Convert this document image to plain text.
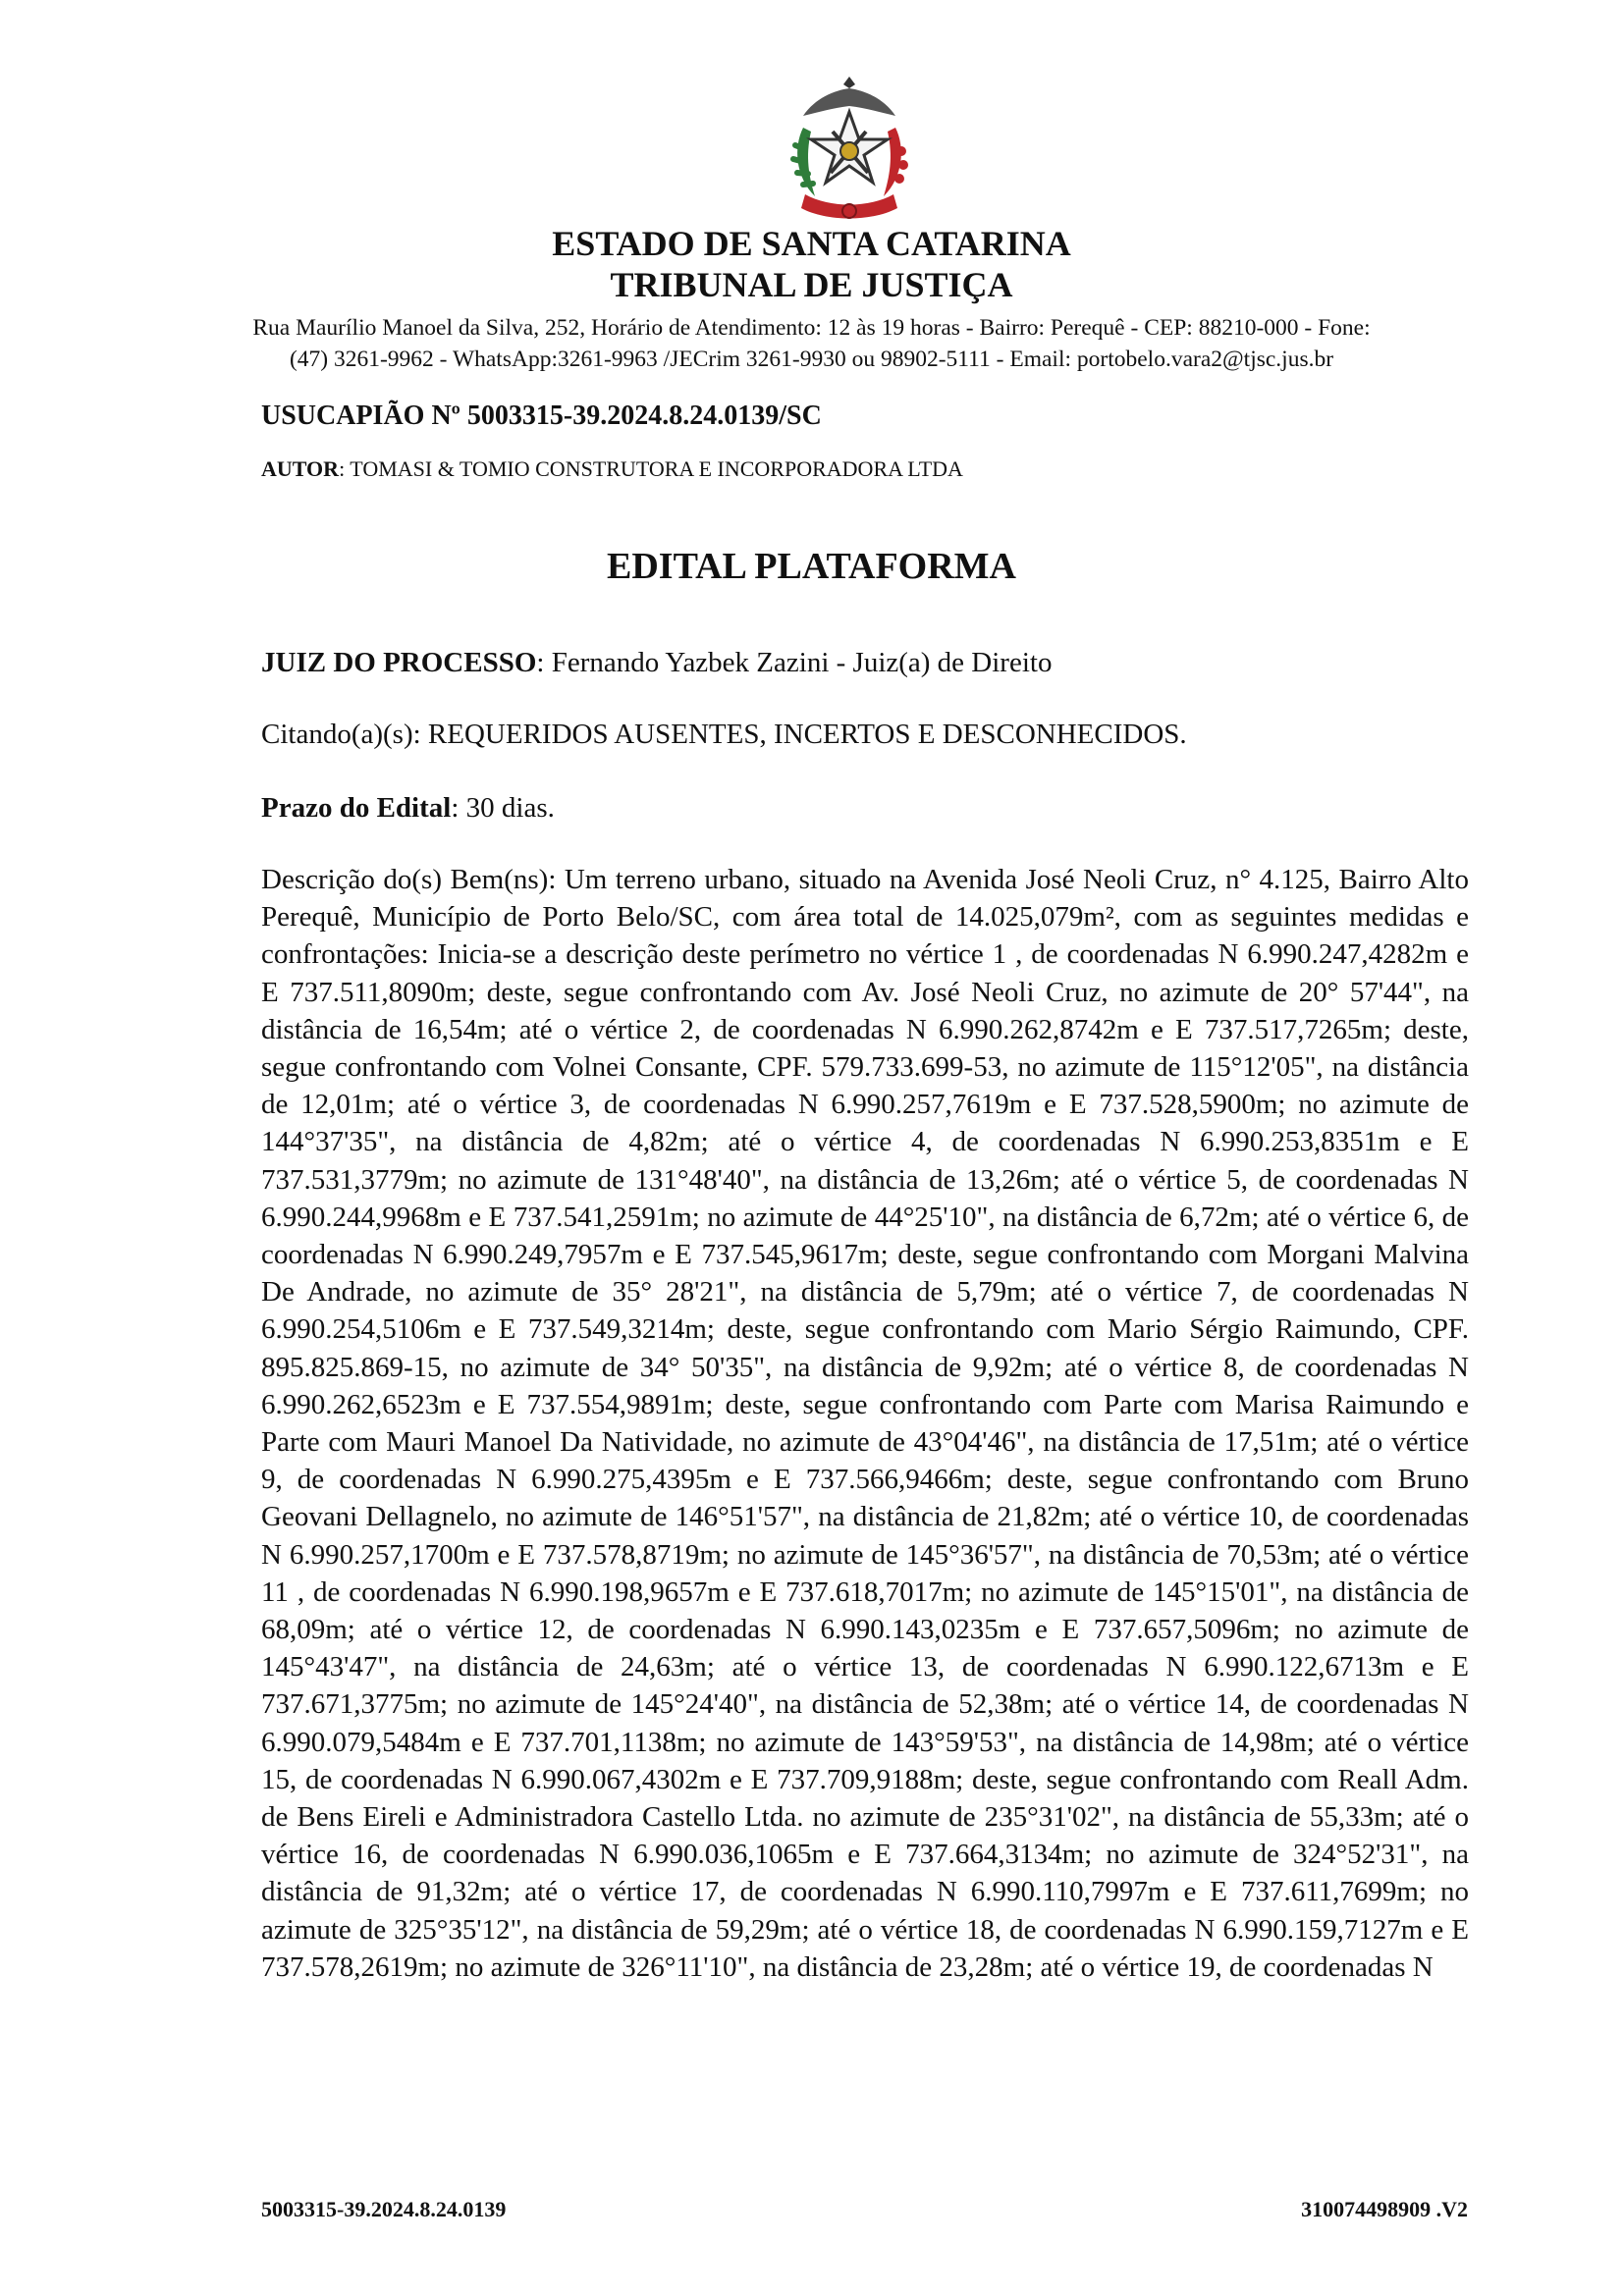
ESTADO DE SANTA CATARINA
TRIBUNAL DE JUSTIÇA

Rua Maurílio Manoel da Silva, 252, Horário de Atendimento: 12 às 19 horas - Bairro: Perequê - CEP: 88210-000 - Fone:
(47) 3261-9962 - WhatsApp:3261-9963 /JECrim 3261-9930 ou 98902-5111 - Email: portobelo.vara2@tjsc.jus.br

USUCAPIÃO Nº 5003315-39.2024.8.24.0139/SC

AUTOR: TOMASI & TOMIO CONSTRUTORA E INCORPORADORA LTDA

EDITAL PLATAFORMA

JUIZ DO PROCESSO: Fernando Yazbek Zazini - Juiz(a) de Direito

Citando(a)(s): REQUERIDOS AUSENTES, INCERTOS E DESCONHECIDOS.

Prazo do Edital: 30 dias.

Descrição do(s) Bem(ns): Um terreno urbano, situado na Avenida José Neoli Cruz, n° 4.125, Bairro Alto Perequê, Município de Porto Belo/SC, com área total de 14.025,079m², com as seguintes medidas e confrontações: Inicia-se a descrição deste perímetro no vértice 1 , de coordenadas N 6.990.247,4282m e E 737.511,8090m; deste, segue confrontando com Av. José Neoli Cruz, no azimute de 20° 57'44", na distância de 16,54m; até o vértice 2, de coordenadas N 6.990.262,8742m e E 737.517,7265m; deste, segue confrontando com Volnei Consante, CPF. 579.733.699-53, no azimute de 115°12'05", na distância de 12,01m; até o vértice 3, de coordenadas N 6.990.257,7619m e E 737.528,5900m; no azimute de 144°37'35", na distância de 4,82m; até o vértice 4, de coordenadas N 6.990.253,8351m e E 737.531,3779m; no azimute de 131°48'40", na distância de 13,26m; até o vértice 5, de coordenadas N 6.990.244,9968m e E 737.541,2591m; no azimute de 44°25'10", na distância de 6,72m; até o vértice 6, de coordenadas N 6.990.249,7957m e E 737.545,9617m; deste, segue confrontando com Morgani Malvina De Andrade, no azimute de 35° 28'21", na distância de 5,79m; até o vértice 7, de coordenadas N 6.990.254,5106m e E 737.549,3214m; deste, segue confrontando com Mario Sérgio Raimundo, CPF. 895.825.869-15, no azimute de 34° 50'35", na distância de 9,92m; até o vértice 8, de coordenadas N 6.990.262,6523m e E 737.554,9891m; deste, segue confrontando com Parte com Marisa Raimundo e Parte com Mauri Manoel Da Natividade, no azimute de 43°04'46", na distância de 17,51m; até o vértice 9, de coordenadas N 6.990.275,4395m e E 737.566,9466m; deste, segue confrontando com Bruno Geovani Dellagnelo, no azimute de 146°51'57", na distância de 21,82m; até o vértice 10, de coordenadas N 6.990.257,1700m e E 737.578,8719m; no azimute de 145°36'57", na distância de 70,53m; até o vértice 11 , de coordenadas N 6.990.198,9657m e E 737.618,7017m; no azimute de 145°15'01", na distância de 68,09m; até o vértice 12, de coordenadas N 6.990.143,0235m e E 737.657,5096m; no azimute de 145°43'47", na distância de 24,63m; até o vértice 13, de coordenadas N 6.990.122,6713m e E 737.671,3775m; no azimute de 145°24'40", na distância de 52,38m; até o vértice 14, de coordenadas N 6.990.079,5484m e E 737.701,1138m; no azimute de 143°59'53", na distância de 14,98m; até o vértice 15, de coordenadas N 6.990.067,4302m e E 737.709,9188m; deste, segue confrontando com Reall Adm. de Bens Eireli e Administradora Castello Ltda. no azimute de 235°31'02", na distância de 55,33m; até o vértice 16, de coordenadas N 6.990.036,1065m e E 737.664,3134m; no azimute de 324°52'31", na distância de 91,32m; até o vértice 17, de coordenadas N 6.990.110,7997m e E 737.611,7699m; no azimute de 325°35'12", na distância de 59,29m; até o vértice 18, de coordenadas N 6.990.159,7127m e E 737.578,2619m; no azimute de 326°11'10", na distância de 23,28m; até o vértice 19, de coordenadas N

5003315-39.2024.8.24.0139	310074498909 .V2
